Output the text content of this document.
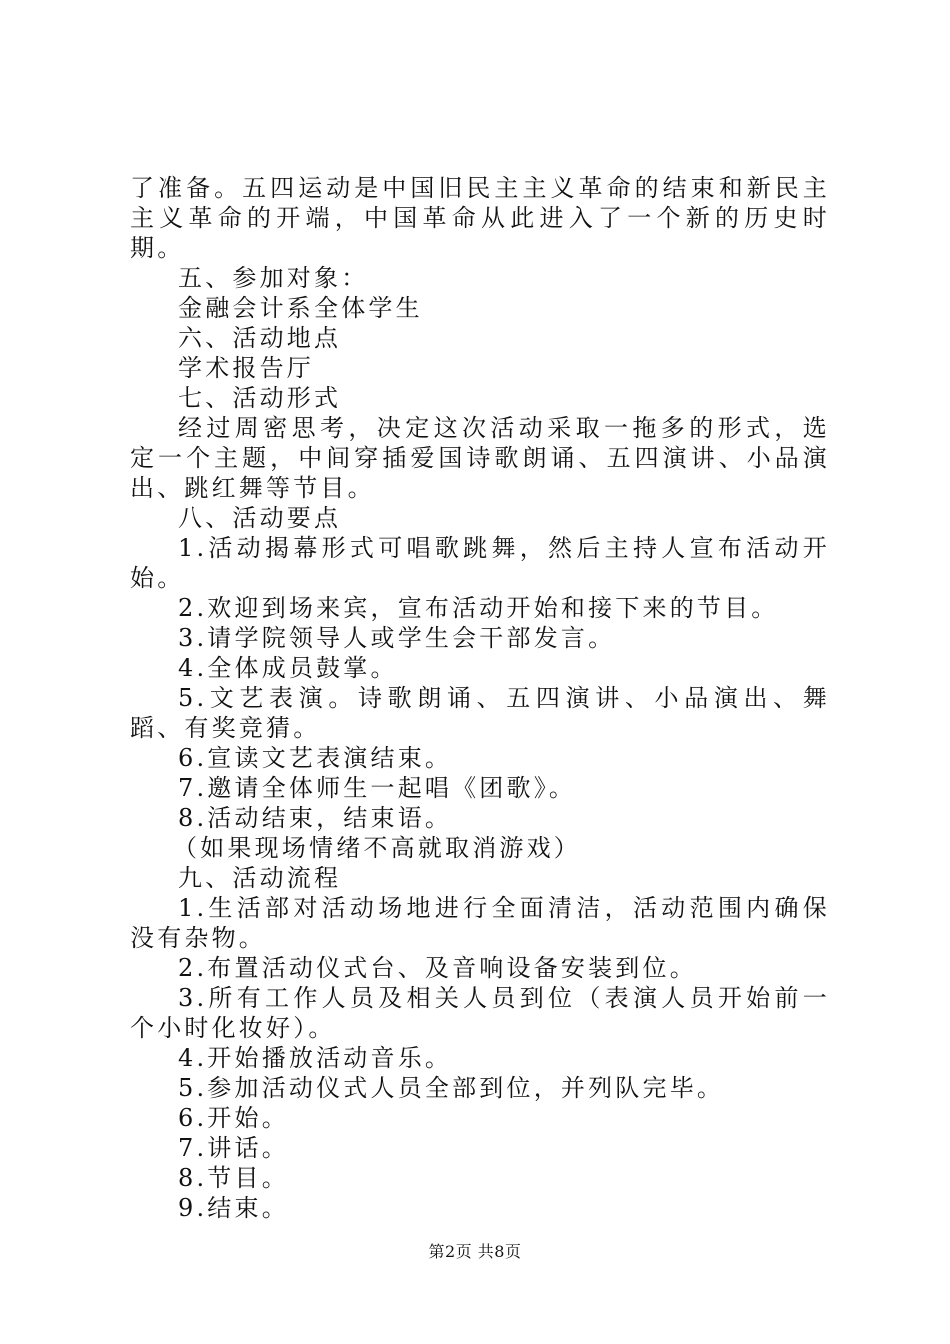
了准备。五四运动是中国旧民主主义革命的结束和新民主主义革命的开端，中国革命从此进入了一个新的历史时期。

五、参加对象：

金融会计系全体学生

六、活动地点

学术报告厅

七、活动形式

经过周密思考，决定这次活动采取一拖多的形式，选定一个主题，中间穿插爱国诗歌朗诵、五四演讲、小品演出、跳红舞等节目。

八、活动要点

1.活动揭幕形式可唱歌跳舞，然后主持人宣布活动开始。

2.欢迎到场来宾，宣布活动开始和接下来的节目。

3.请学院领导人或学生会干部发言。

4.全体成员鼓掌。

5.文艺表演。诗歌朗诵、五四演讲、小品演出、舞蹈、有奖竞猜。

6.宣读文艺表演结束。

7.邀请全体师生一起唱《团歌》。

8.活动结束，结束语。

（如果现场情绪不高就取消游戏）

九、活动流程

1.生活部对活动场地进行全面清洁，活动范围内确保没有杂物。

2.布置活动仪式台、及音响设备安装到位。

3.所有工作人员及相关人员到位（表演人员开始前一个小时化妆好）。

4.开始播放活动音乐。

5.参加活动仪式人员全部到位，并列队完毕。

6.开始。

7.讲话。

8.节目。

9.结束。

第2页 共8页
